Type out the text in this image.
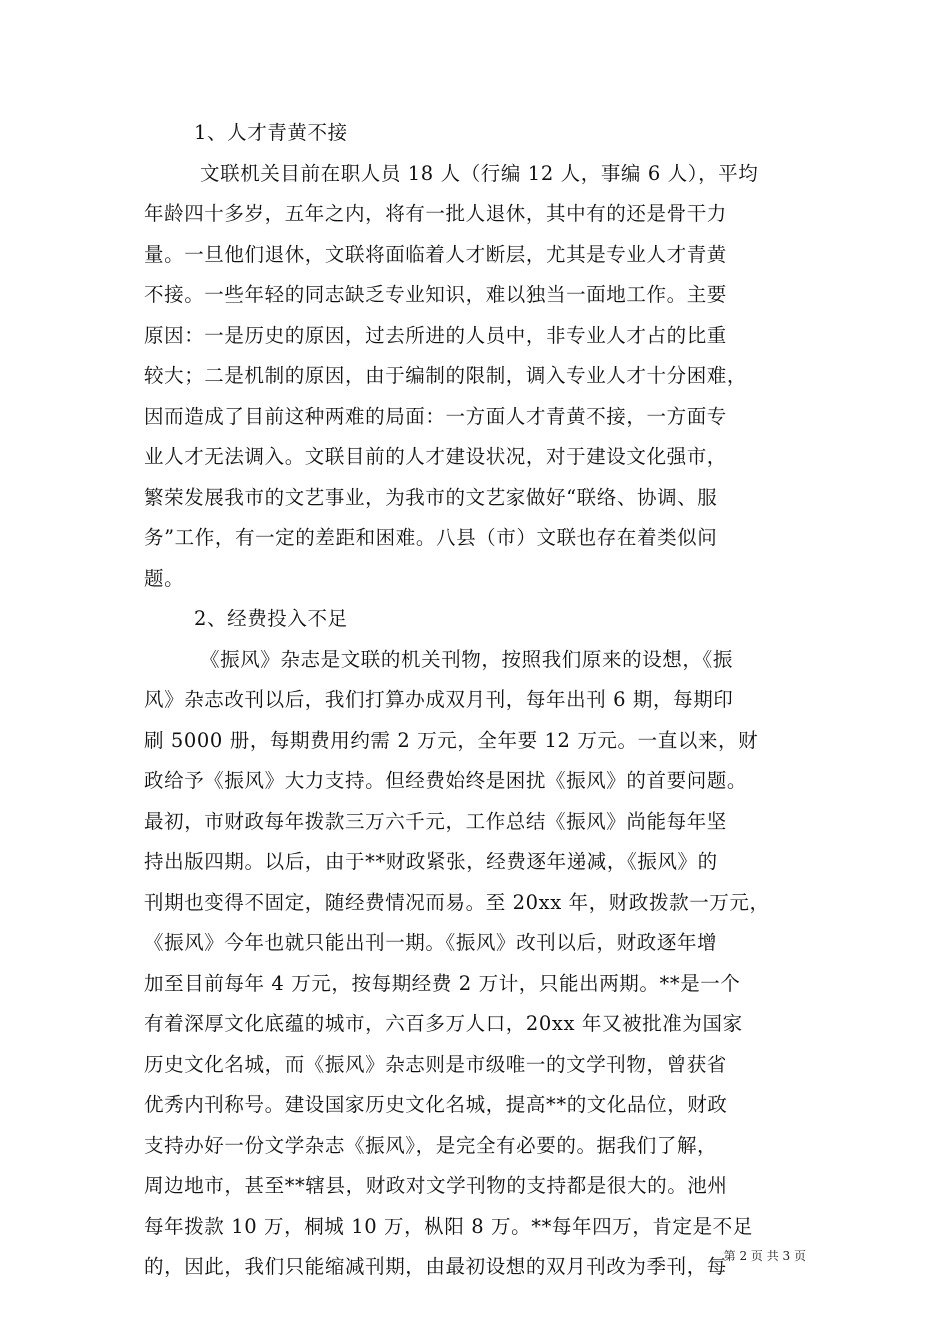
1、人才青黄不接
文联机关目前在职人员 18 人（行编 12 人，事编 6 人），平均
年龄四十多岁，五年之内，将有一批人退休，其中有的还是骨干力
量。一旦他们退休，文联将面临着人才断层，尤其是专业人才青黄
不接。一些年轻的同志缺乏专业知识，难以独当一面地工作。主要
原因：一是历史的原因，过去所进的人员中，非专业人才占的比重
较大；二是机制的原因，由于编制的限制，调入专业人才十分困难，
因而造成了目前这种两难的局面：一方面人才青黄不接，一方面专
业人才无法调入。文联目前的人才建设状况，对于建设文化强市，
繁荣发展我市的文艺事业，为我市的文艺家做好“联络、协调、服
务”工作，有一定的差距和困难。八县（市）文联也存在着类似问
题。
2、经费投入不足
《振风》杂志是文联的机关刊物，按照我们原来的设想，《振
风》杂志改刊以后，我们打算办成双月刊，每年出刊 6 期，每期印
刷 5000 册，每期费用约需 2 万元，全年要 12 万元。一直以来，财
政给予《振风》大力支持。但经费始终是困扰《振风》的首要问题。
最初，市财政每年拨款三万六千元，工作总结《振风》尚能每年坚
持出版四期。以后，由于**财政紧张，经费逐年递减，《振风》的
刊期也变得不固定，随经费情况而易。至 20xx 年，财政拨款一万元，
《振风》今年也就只能出刊一期。《振风》改刊以后，财政逐年增
加至目前每年 4 万元，按每期经费 2 万计，只能出两期。**是一个
有着深厚文化底蕴的城市，六百多万人口，20xx 年又被批准为国家
历史文化名城，而《振风》杂志则是市级唯一的文学刊物，曾获省
优秀内刊称号。建设国家历史文化名城，提高**的文化品位，财政
支持办好一份文学杂志《振风》，是完全有必要的。据我们了解，
周边地市，甚至**辖县，财政对文学刊物的支持都是很大的。池州
每年拨款 10 万，桐城 10 万，枞阳 8 万。**每年四万，肯定是不足
的，因此，我们只能缩减刊期，由最初设想的双月刊改为季刊，每
第 2 页 共 3 页
